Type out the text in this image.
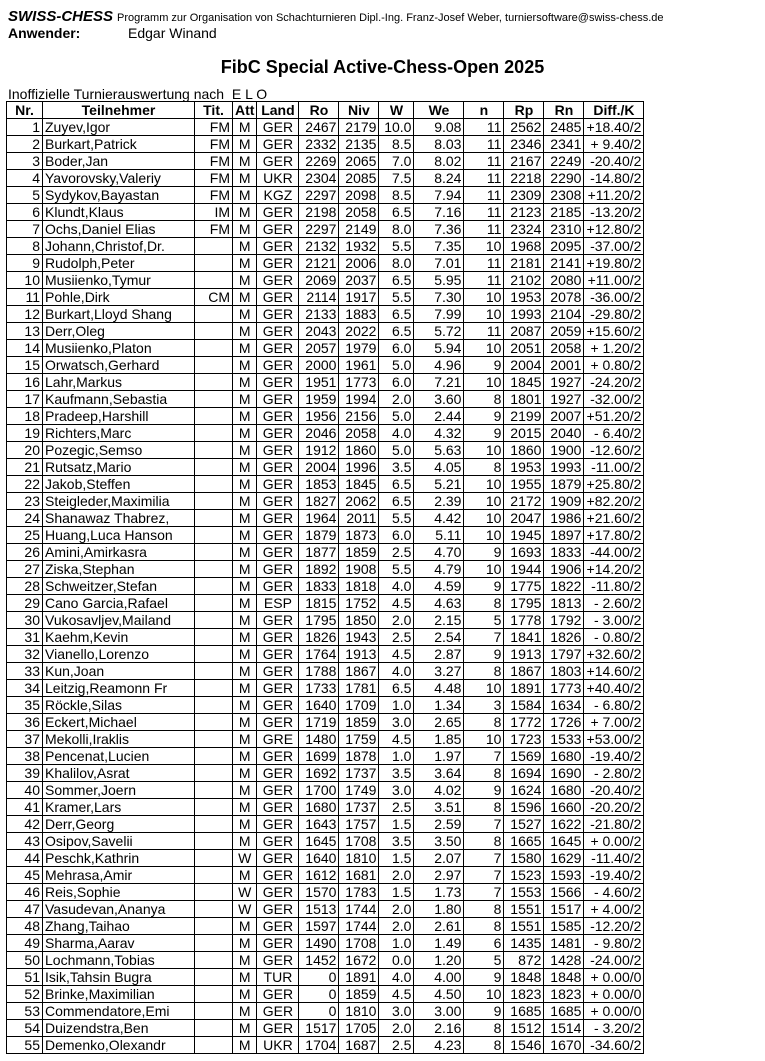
SWISS-CHESS Programm zur Organisation von Schachturnieren Dipl.-Ing. Franz-Josef Weber, turniersoftware@swiss-chess.de
Anwender:	Edgar Winand
FibC Special Active-Chess-Open 2025
Inoffizielle Turnierauswertung nach  E L O
Nr.	Teilnehmer	Tit.	Att	Land	Ro	Niv	W	We	n	Rp	Rn	Diff./K
1	Zuyev,Igor	FM	M	GER	2467	2179	10.0	9.08	11	2562	2485	+18.40/2
2	Burkart,Patrick	FM	M	GER	2332	2135	8.5	8.03	11	2346	2341	+ 9.40/2
3	Boder,Jan	FM	M	GER	2269	2065	7.0	8.02	11	2167	2249	-20.40/2
4	Yavorovsky,Valeriy	FM	M	UKR	2304	2085	7.5	8.24	11	2218	2290	-14.80/2
5	Sydykov,Bayastan	FM	M	KGZ	2297	2098	8.5	7.94	11	2309	2308	+11.20/2
6	Klundt,Klaus	IM	M	GER	2198	2058	6.5	7.16	11	2123	2185	-13.20/2
7	Ochs,Daniel Elias	FM	M	GER	2297	2149	8.0	7.36	11	2324	2310	+12.80/2
8	Johann,Christof,Dr.		M	GER	2132	1932	5.5	7.35	10	1968	2095	-37.00/2
9	Rudolph,Peter		M	GER	2121	2006	8.0	7.01	11	2181	2141	+19.80/2
10	Musiienko,Tymur		M	GER	2069	2037	6.5	5.95	11	2102	2080	+11.00/2
11	Pohle,Dirk	CM	M	GER	2114	1917	5.5	7.30	10	1953	2078	-36.00/2
12	Burkart,Lloyd Shang		M	GER	2133	1883	6.5	7.99	10	1993	2104	-29.80/2
13	Derr,Oleg		M	GER	2043	2022	6.5	5.72	11	2087	2059	+15.60/2
14	Musiienko,Platon		M	GER	2057	1979	6.0	5.94	10	2051	2058	+ 1.20/2
15	Orwatsch,Gerhard		M	GER	2000	1961	5.0	4.96	9	2004	2001	+ 0.80/2
16	Lahr,Markus		M	GER	1951	1773	6.0	7.21	10	1845	1927	-24.20/2
17	Kaufmann,Sebastia		M	GER	1959	1994	2.0	3.60	8	1801	1927	-32.00/2
18	Pradeep,Harshill		M	GER	1956	2156	5.0	2.44	9	2199	2007	+51.20/2
19	Richters,Marc		M	GER	2046	2058	4.0	4.32	9	2015	2040	- 6.40/2
20	Pozegic,Semso		M	GER	1912	1860	5.0	5.63	10	1860	1900	-12.60/2
21	Rutsatz,Mario		M	GER	2004	1996	3.5	4.05	8	1953	1993	-11.00/2
22	Jakob,Steffen		M	GER	1853	1845	6.5	5.21	10	1955	1879	+25.80/2
23	Steigleder,Maximilia		M	GER	1827	2062	6.5	2.39	10	2172	1909	+82.20/2
24	Shanawaz Thabrez,		M	GER	1964	2011	5.5	4.42	10	2047	1986	+21.60/2
25	Huang,Luca Hanson		M	GER	1879	1873	6.0	5.11	10	1945	1897	+17.80/2
26	Amini,Amirkasra		M	GER	1877	1859	2.5	4.70	9	1693	1833	-44.00/2
27	Ziska,Stephan		M	GER	1892	1908	5.5	4.79	10	1944	1906	+14.20/2
28	Schweitzer,Stefan		M	GER	1833	1818	4.0	4.59	9	1775	1822	-11.80/2
29	Cano Garcia,Rafael		M	ESP	1815	1752	4.5	4.63	8	1795	1813	- 2.60/2
30	Vukosavljev,Mailand		M	GER	1795	1850	2.0	2.15	5	1778	1792	- 3.00/2
31	Kaehm,Kevin		M	GER	1826	1943	2.5	2.54	7	1841	1826	- 0.80/2
32	Vianello,Lorenzo		M	GER	1764	1913	4.5	2.87	9	1913	1797	+32.60/2
33	Kun,Joan		M	GER	1788	1867	4.0	3.27	8	1867	1803	+14.60/2
34	Leitzig,Reamonn Fr		M	GER	1733	1781	6.5	4.48	10	1891	1773	+40.40/2
35	Röckle,Silas		M	GER	1640	1709	1.0	1.34	3	1584	1634	- 6.80/2
36	Eckert,Michael		M	GER	1719	1859	3.0	2.65	8	1772	1726	+ 7.00/2
37	Mekolli,Iraklis		M	GRE	1480	1759	4.5	1.85	10	1723	1533	+53.00/2
38	Pencenat,Lucien		M	GER	1699	1878	1.0	1.97	7	1569	1680	-19.40/2
39	Khalilov,Asrat		M	GER	1692	1737	3.5	3.64	8	1694	1690	- 2.80/2
40	Sommer,Joern		M	GER	1700	1749	3.0	4.02	9	1624	1680	-20.40/2
41	Kramer,Lars		M	GER	1680	1737	2.5	3.51	8	1596	1660	-20.20/2
42	Derr,Georg		M	GER	1643	1757	1.5	2.59	7	1527	1622	-21.80/2
43	Osipov,Savelii		M	GER	1645	1708	3.5	3.50	8	1665	1645	+ 0.00/2
44	Peschk,Kathrin		W	GER	1640	1810	1.5	2.07	7	1580	1629	-11.40/2
45	Mehrasa,Amir		M	GER	1612	1681	2.0	2.97	7	1523	1593	-19.40/2
46	Reis,Sophie		W	GER	1570	1783	1.5	1.73	7	1553	1566	- 4.60/2
47	Vasudevan,Ananya		W	GER	1513	1744	2.0	1.80	8	1551	1517	+ 4.00/2
48	Zhang,Taihao		M	GER	1597	1744	2.0	2.61	8	1551	1585	-12.20/2
49	Sharma,Aarav		M	GER	1490	1708	1.0	1.49	6	1435	1481	- 9.80/2
50	Lochmann,Tobias		M	GER	1452	1672	0.0	1.20	5	872	1428	-24.00/2
51	Isik,Tahsin Bugra		M	TUR	0	1891	4.0	4.00	9	1848	1848	+ 0.00/0
52	Brinke,Maximilian		M	GER	0	1859	4.5	4.50	10	1823	1823	+ 0.00/0
53	Commendatore,Emi		M	GER	0	1810	3.0	3.00	9	1685	1685	+ 0.00/0
54	Duizendstra,Ben		M	GER	1517	1705	2.0	2.16	8	1512	1514	- 3.20/2
55	Demenko,Olexandr		M	UKR	1704	1687	2.5	4.23	8	1546	1670	-34.60/2
